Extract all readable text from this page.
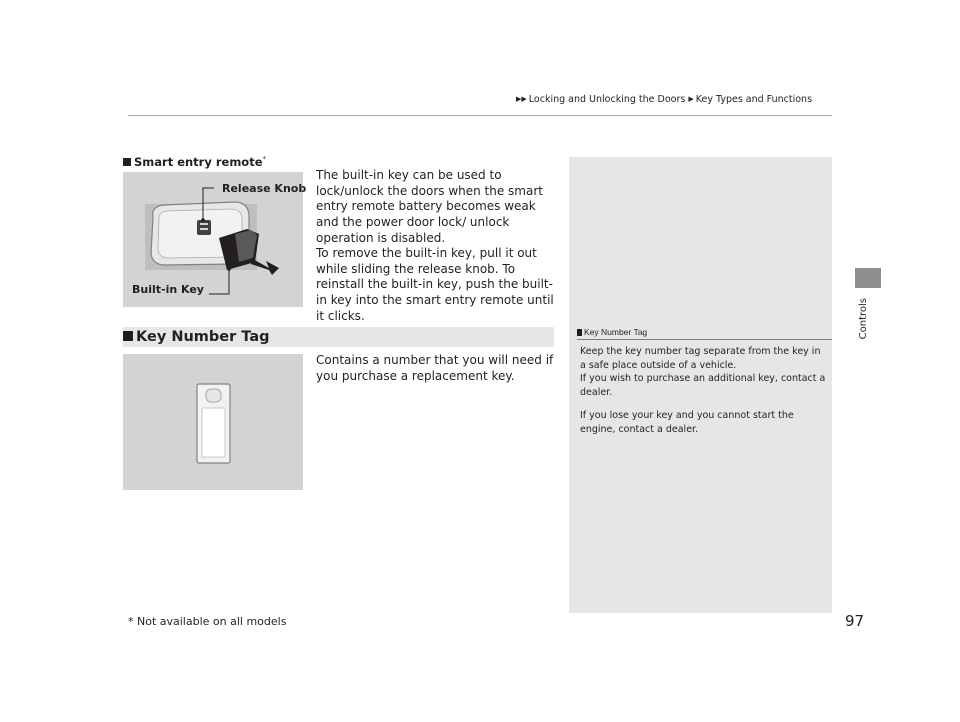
▶▶ Locking and Unlocking the Doors ▶ Key Types and Functions
Controls
Key Number Tag

Keep the key number tag separate from the key in a safe place outside of a vehicle.
If you wish to purchase an additional key, contact a dealer.

If you lose your key and you cannot start the engine, contact a dealer.

Smart entry remote*
Release Knob
Built-in Key
The built-in key can be used to lock/unlock the doors when the smart entry remote battery becomes weak and the power door lock/ unlock operation is disabled.
To remove the built-in key, pull it out while sliding the release knob. To reinstall the built-in key, push the built-in key into the smart entry remote until it clicks.
Key Number Tag
Contains a number that you will need if you purchase a replacement key.
* Not available on all models	97
